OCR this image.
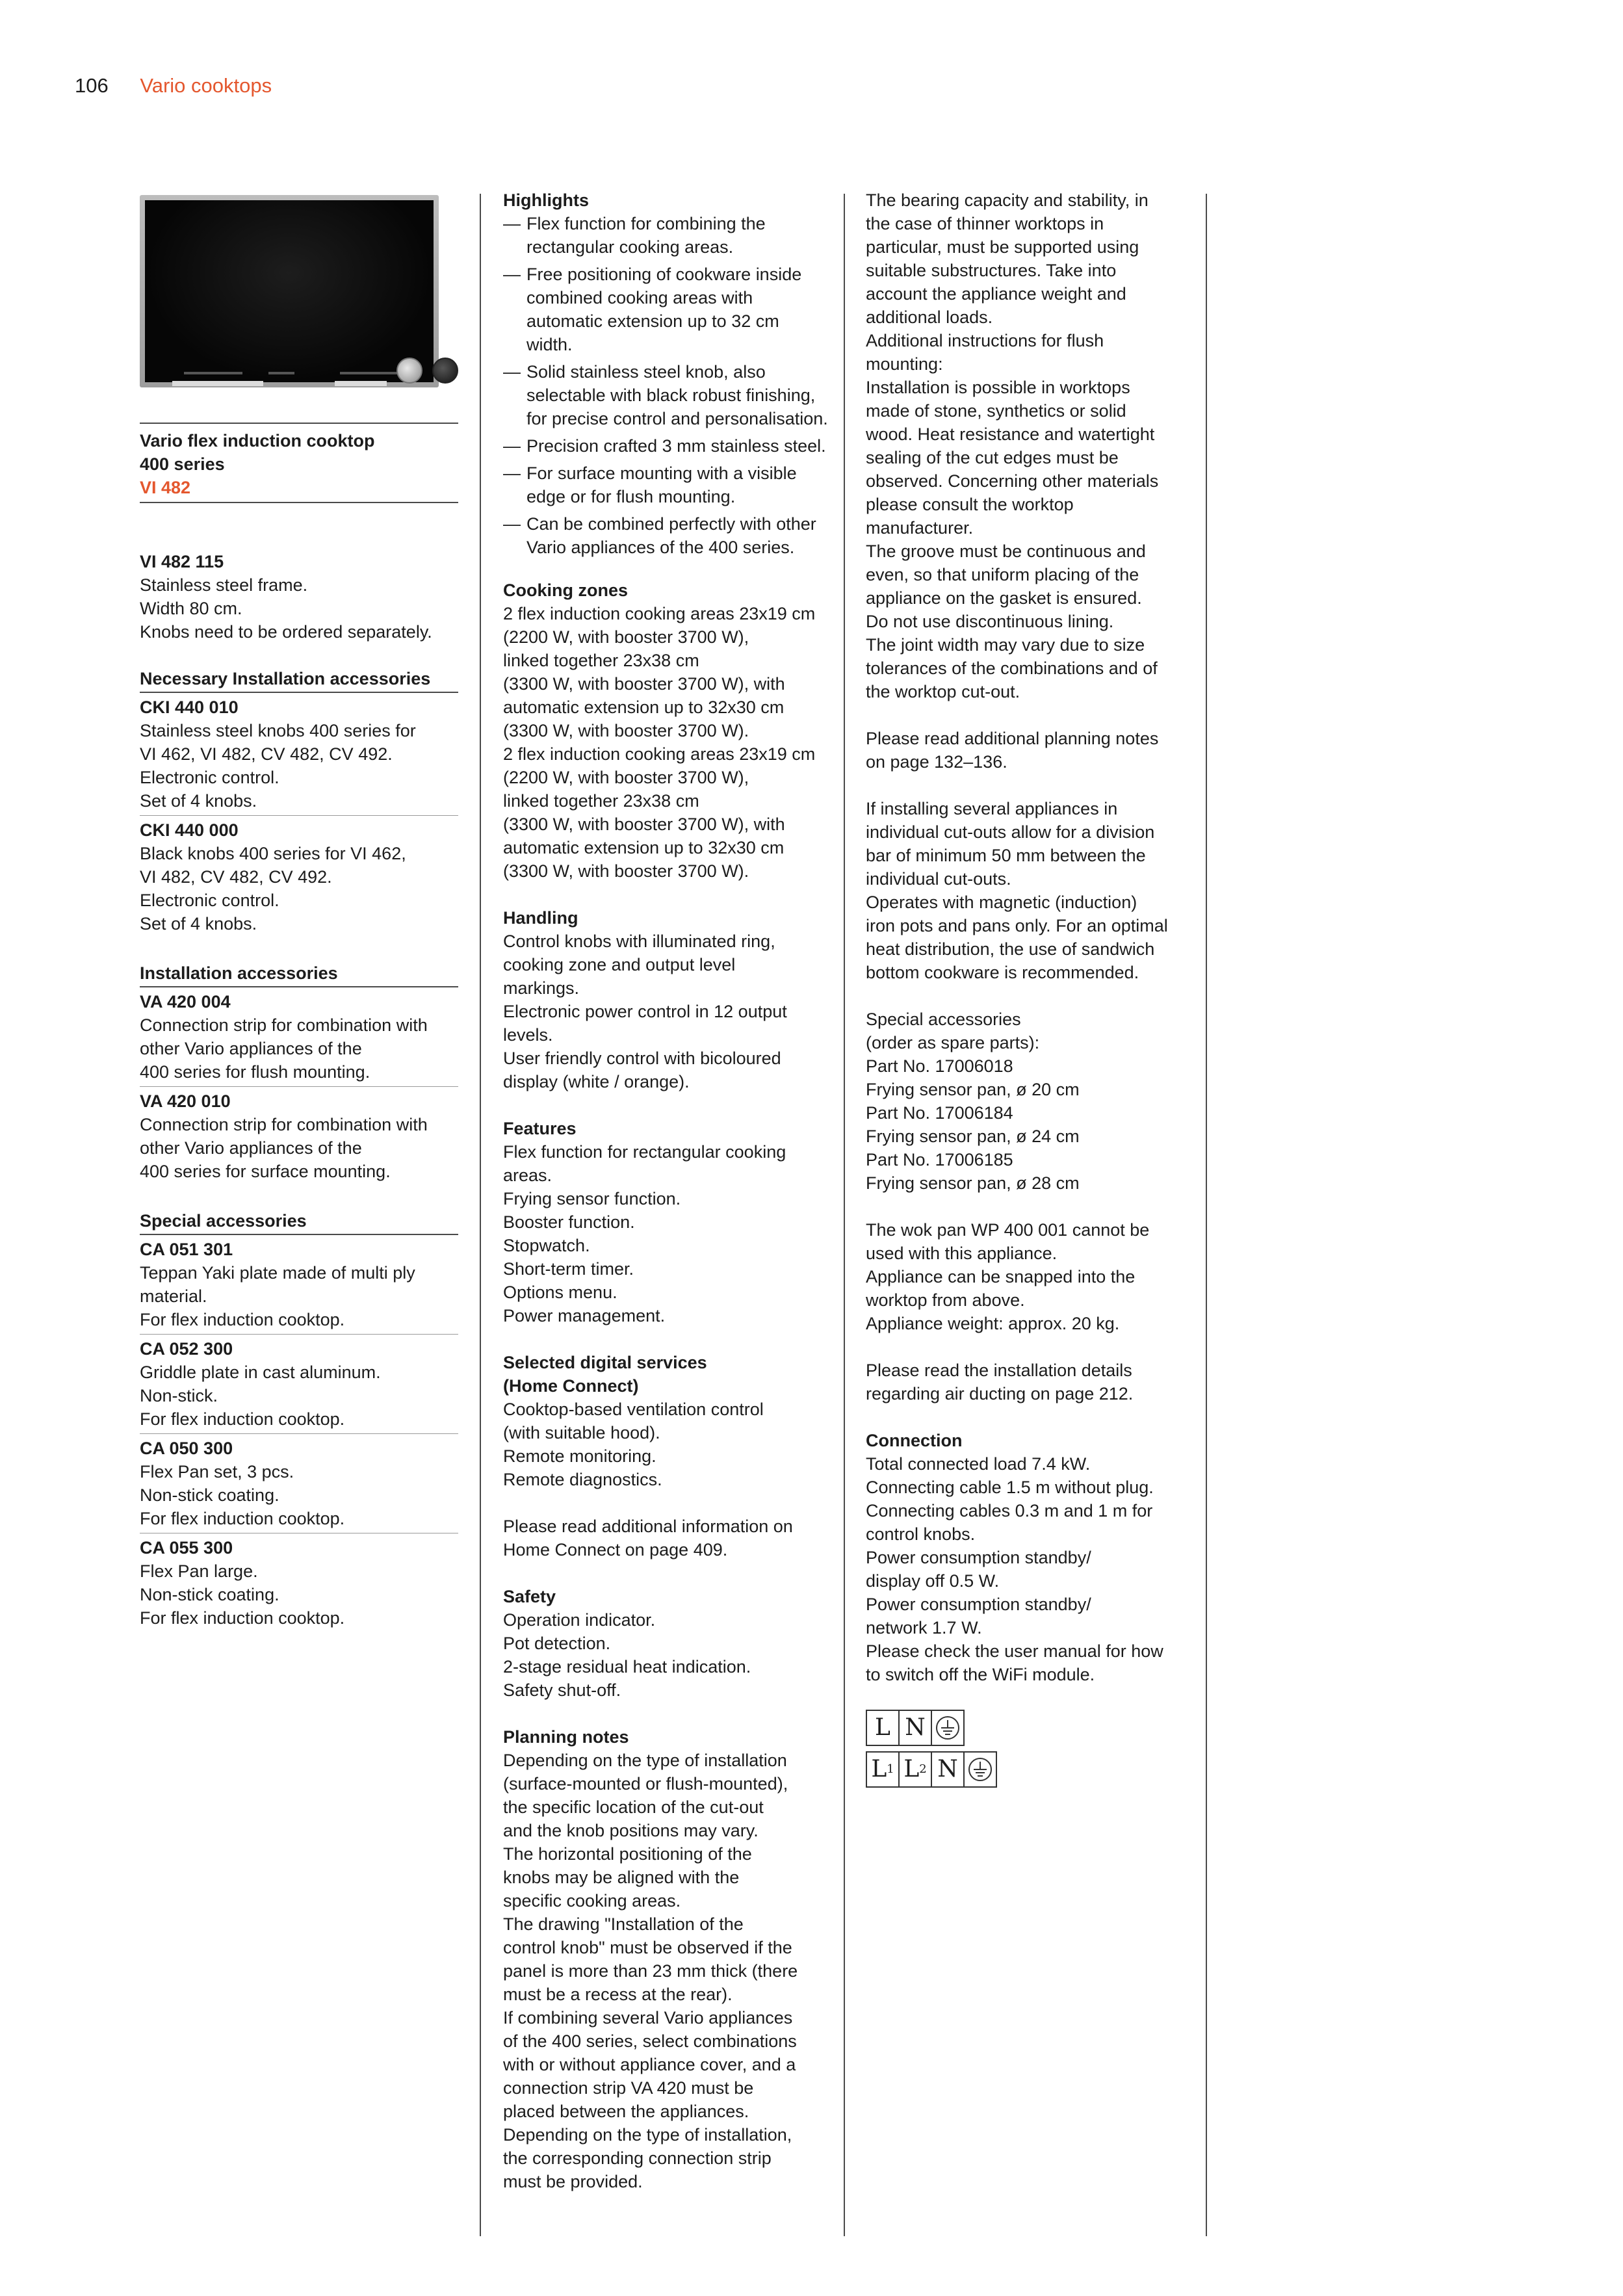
106 Vario cooktops
Vario flex induction cooktop
400 series
VI 482
VI 482 115
Stainless steel frame.
Width 80 cm.
Knobs need to be ordered separately.
Necessary Installation accessories
CKI 440 010
Stainless steel knobs 400 series for
VI 462, VI 482, CV 482, CV 492.
Electronic control.
Set of 4 knobs.
CKI 440 000
Black knobs 400 series for VI 462,
VI 482, CV 482, CV 492.
Electronic control.
Set of 4 knobs.
Installation accessories
VA 420 004
Connection strip for combination with
other Vario appliances of the
400 series for flush mounting.
VA 420 010
Connection strip for combination with
other Vario appliances of the
400 series for surface mounting.
Special accessories
CA 051 301
Teppan Yaki plate made of multi ply
material.
For flex induction cooktop.
CA 052 300
Griddle plate in cast aluminum.
Non-stick.
For flex induction cooktop.
CA 050 300
Flex Pan set, 3 pcs.
Non-stick coating.
For flex induction cooktop.
CA 055 300
Flex Pan large.
Non-stick coating.
For flex induction cooktop.
Highlights
— Flex function for combining the rectangular cooking areas.
— Free positioning of cookware inside combined cooking areas with automatic extension up to 32 cm width.
— Solid stainless steel knob, also selectable with black robust finishing, for precise control and personalisation.
— Precision crafted 3 mm stainless steel.
— For surface mounting with a visible edge or for flush mounting.
— Can be combined perfectly with other Vario appliances of the 400 series.
Cooking zones
2 flex induction cooking areas 23x19 cm
(2200 W, with booster 3700 W),
linked together 23x38 cm
(3300 W, with booster 3700 W), with
automatic extension up to 32x30 cm
(3300 W, with booster 3700 W).
2 flex induction cooking areas 23x19 cm
(2200 W, with booster 3700 W),
linked together 23x38 cm
(3300 W, with booster 3700 W), with
automatic extension up to 32x30 cm
(3300 W, with booster 3700 W).
Handling
Control knobs with illuminated ring,
cooking zone and output level
markings.
Electronic power control in 12 output
levels.
User friendly control with bicoloured
display (white / orange).
Features
Flex function for rectangular cooking
areas.
Frying sensor function.
Booster function.
Stopwatch.
Short-term timer.
Options menu.
Power management.
Selected digital services
(Home Connect)
Cooktop-based ventilation control
(with suitable hood).
Remote monitoring.
Remote diagnostics.
Please read additional information on
Home Connect on page 409.
Safety
Operation indicator.
Pot detection.
2-stage residual heat indication.
Safety shut-off.
Planning notes
Depending on the type of installation
(surface-mounted or flush-mounted),
the specific location of the cut-out
and the knob positions may vary.
The horizontal positioning of the
knobs may be aligned with the
specific cooking areas.
The drawing "Installation of the
control knob" must be observed if the
panel is more than 23 mm thick (there
must be a recess at the rear).
If combining several Vario appliances
of the 400 series, select combinations
with or without appliance cover, and a
connection strip VA 420 must be
placed between the appliances.
Depending on the type of installation,
the corresponding connection strip
must be provided.
The bearing capacity and stability, in
the case of thinner worktops in
particular, must be supported using
suitable substructures. Take into
account the appliance weight and
additional loads.
Additional instructions for flush
mounting:
Installation is possible in worktops
made of stone, synthetics or solid
wood. Heat resistance and watertight
sealing of the cut edges must be
observed. Concerning other materials
please consult the worktop
manufacturer.
The groove must be continuous and
even, so that uniform placing of the
appliance on the gasket is ensured.
Do not use discontinuous lining.
The joint width may vary due to size
tolerances of the combinations and of
the worktop cut-out.
Please read additional planning notes
on page 132–136.
If installing several appliances in
individual cut-outs allow for a division
bar of minimum 50 mm between the
individual cut-outs.
Operates with magnetic (induction)
iron pots and pans only. For an optimal
heat distribution, the use of sandwich
bottom cookware is recommended.
Special accessories
(order as spare parts):
Part No. 17006018
Frying sensor pan, ø 20 cm
Part No. 17006184
Frying sensor pan, ø 24 cm
Part No. 17006185
Frying sensor pan, ø 28 cm
The wok pan WP 400 001 cannot be
used with this appliance.
Appliance can be snapped into the
worktop from above.
Appliance weight: approx. 20 kg.
Please read the installation details
regarding air ducting on page 212.
Connection
Total connected load 7.4 kW.
Connecting cable 1.5 m without plug.
Connecting cables 0.3 m and 1 m for
control knobs.
Power consumption standby/
display off 0.5 W.
Power consumption standby/
network 1.7 W.
Please check the user manual for how
to switch off the WiFi module.
L N
L 1 L 2 N
